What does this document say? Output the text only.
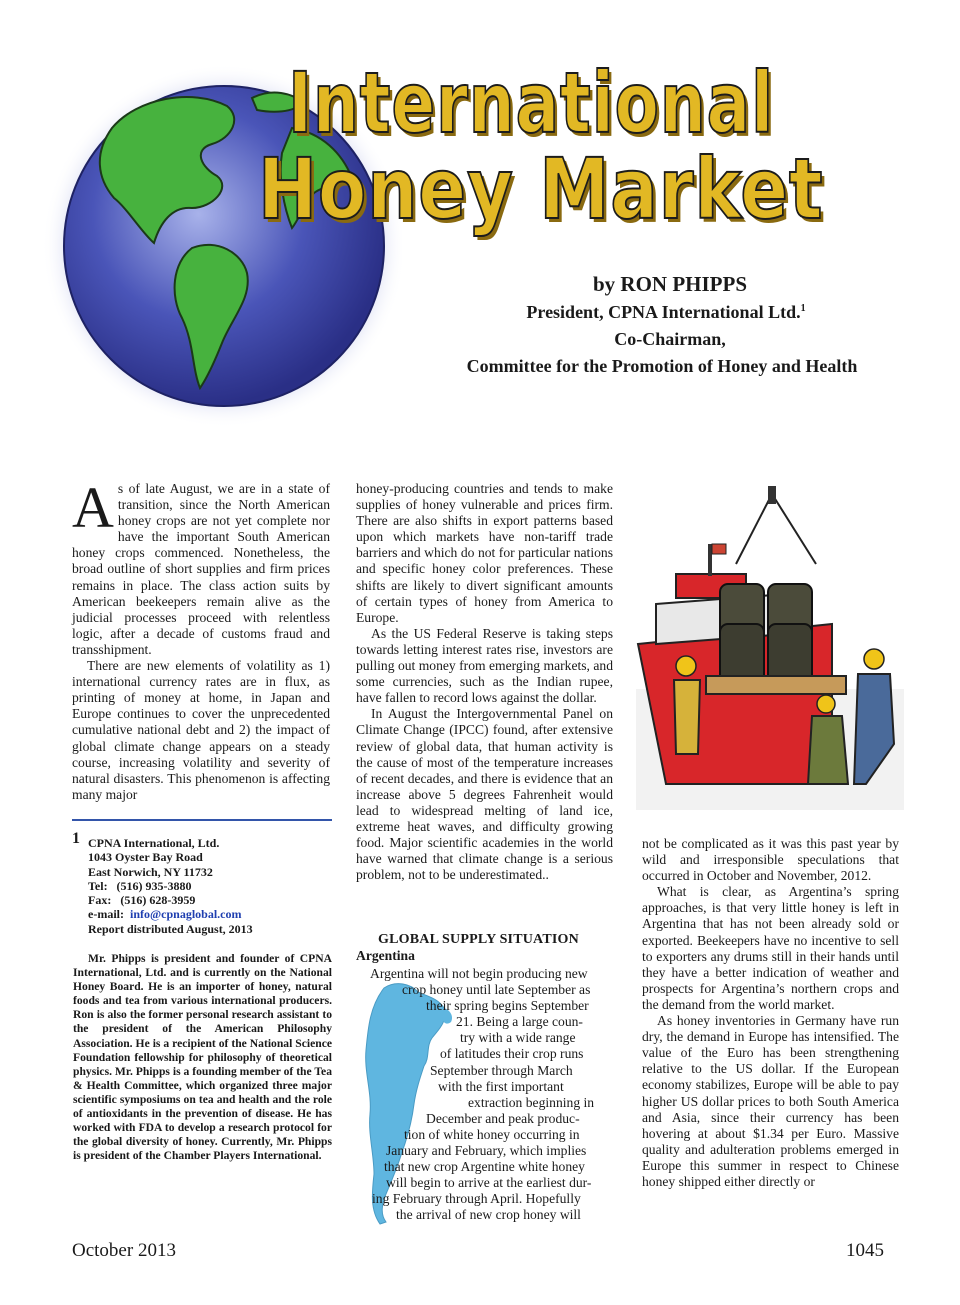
International
Honey Market
by RON PHIPPS
President, CPNA International Ltd.$^1$
Co-Chairman,
Committee for the Promotion of Honey and Health

As of late August, we are in a state of transition, since the North American honey crops are not yet complete nor have the important South American honey crops commenced. Nonetheless, the broad outline of short supplies and firm prices remains in place. The class action suits by American beekeepers remain alive as the judicial processes proceed with relentless logic, after a decade of customs fraud and transshipment.

There are new elements of volatility as 1) international currency rates are in flux, as printing of money at home, in Japan and Europe continues to cover the unprecedented cumulative national debt and 2) the impact of global climate change appears on a steady course, increasing volatility and severity of natural disasters. This phenomenon is affecting many major

1 CPNA International, Ltd.
1043 Oyster Bay Road
East Norwich, NY 11732
Tel:   (516) 935-3880
Fax:   (516) 628-3959
e-mail: info@cpnaglobal.com
Report distributed August, 2013
Mr. Phipps is president and founder of CPNA International, Ltd. and is currently on the National Honey Board. He is an importer of honey, natural foods and tea from various international producers. Ron is also the former personal research assistant to the president of the American Philosophy Association. He is a recipient of the National Science Foundation fellowship for philosophy of theoretical physics. Mr. Phipps is a founding member of the Tea & Health Committee, which organized three major scientific symposiums on tea and health and the role of antioxidants in the prevention of disease. He has worked with FDA to develop a research protocol for the global diversity of honey. Currently, Mr. Phipps is president of the Chamber Players International.

honey-producing countries and tends to make supplies of honey vulnerable and prices firm. There are also shifts in export patterns based upon which markets have non-tariff trade barriers and which do not for particular nations and specific honey color preferences. These shifts are likely to divert significant amounts of certain types of honey from America to Europe.

As the US Federal Reserve is taking steps towards letting interest rates rise, investors are pulling out money from emerging markets, and some currencies, such as the Indian rupee, have fallen to record lows against the dollar.

In August the Intergovernmental Panel on Climate Change (IPCC) found, after extensive review of global data, that human activity is the cause of most of the temperature increases of recent decades, and there is evidence that an increase above 5 degrees Fahrenheit would lead to widespread melting of land ice, extreme heat waves, and difficulty growing food. Major scientific academies in the world have warned that climate change is a serious problem, not to be underestimated..

GLOBAL SUPPLY SITUATION
Argentina
Argentina will not begin producing new
crop honey until late September as
their spring begins September
21. Being a large coun-
try with a wide range
of latitudes their crop runs
September through March
with the first important
extraction beginning in
December and peak produc-
tion of white honey occurring in
January and February, which implies
that new crop Argentine white honey
will begin to arrive at the earliest dur-
ing February through April. Hopefully
the arrival of new crop honey will

not be complicated as it was this past year by wild and irresponsible speculations that occurred in October and November, 2012.

What is clear, as Argentina’s spring approaches, is that very little honey is left in Argentina that has not been already sold or exported. Beekeepers have no incentive to sell to exporters any drums still in their hands until they have a better indication of weather and prospects for Argentina’s northern crops and the demand from the world market.

As honey inventories in Germany have run dry, the demand in Europe has intensified. The value of the Euro has been strengthening relative to the US dollar. If the European economy stabilizes, Europe will be able to pay higher US dollar prices to both South America and Asia, since their currency has been hovering at about $1.34 per Euro. Massive quality and adulteration problems emerged in Europe this summer in respect to Chinese honey shipped either directly or

October 2013	1045
